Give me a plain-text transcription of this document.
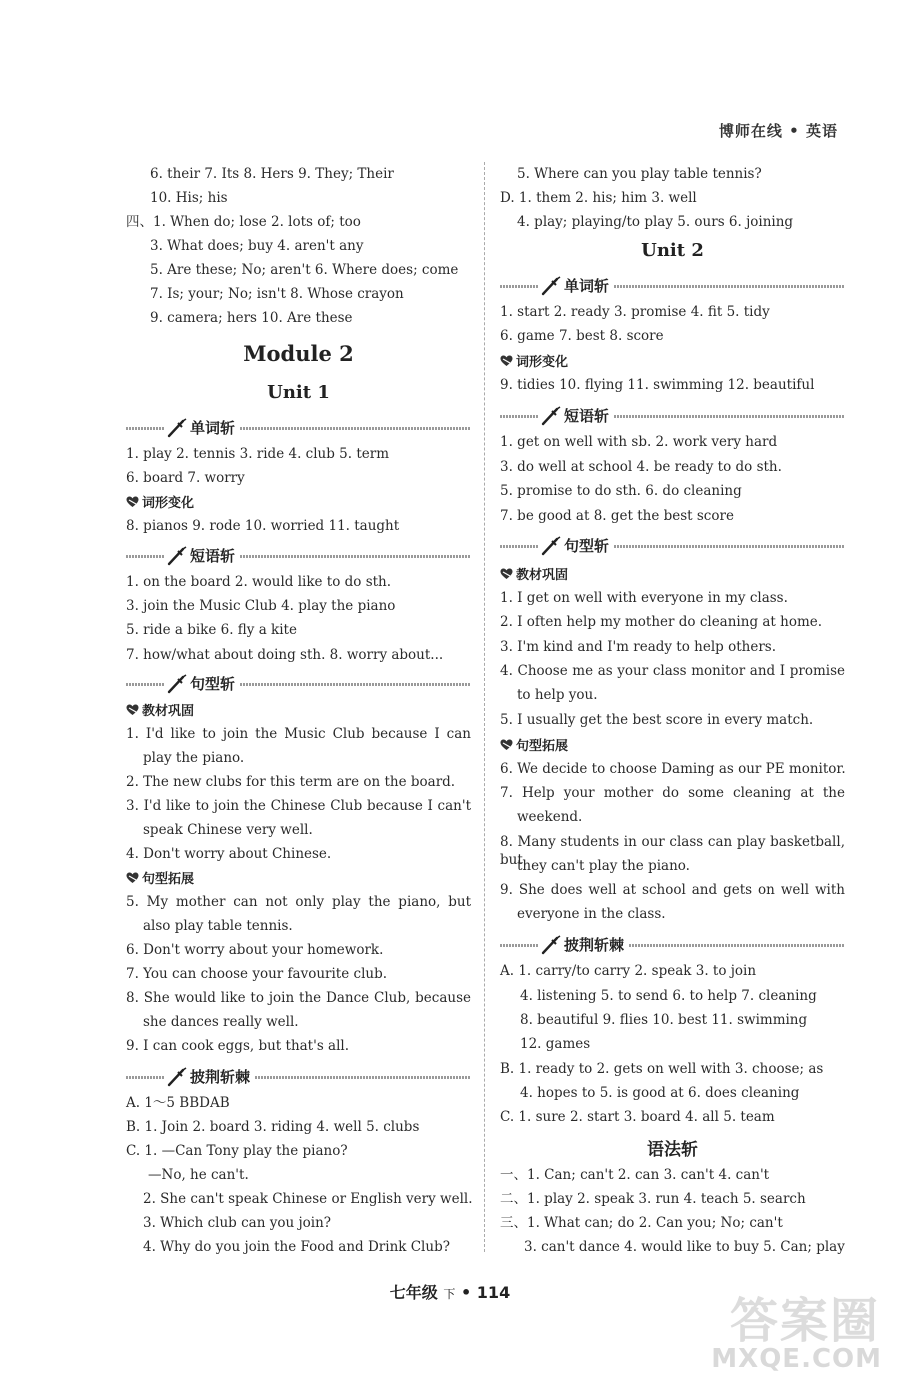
博师在线 • 英语
6. their 7. Its 8. Hers 9. They; Their
10. His; his
四、1. When do; lose 2. lots of; too
3. What does; buy 4. aren't any
5. Are these; No; aren't 6. Where does; come
7. Is; your; No; isn't 8. Whose crayon
9. camera; hers 10. Are these
Module 2
Unit 1
单词斩
1. play 2. tennis 3. ride 4. club 5. term
6. board 7. worry
词形变化
8. pianos 9. rode 10. worried 11. taught
短语斩
1. on the board 2. would like to do sth.
3. join the Music Club 4. play the piano
5. ride a bike 6. fly a kite
7. how/what about doing sth. 8. worry about...
句型斩
教材巩固
1. I'd like to join the Music Club because I can
play the piano.
2. The new clubs for this term are on the board.
3. I'd like to join the Chinese Club because I can't
speak Chinese very well.
4. Don't worry about Chinese.
句型拓展
5. My mother can not only play the piano, but
also play table tennis.
6. Don't worry about your homework.
7. You can choose your favourite club.
8. She would like to join the Dance Club, because
she dances really well.
9. I can cook eggs, but that's all.
披荆斩棘
A. 1～5 BBDAB
B. 1. Join 2. board 3. riding 4. well 5. clubs
C. 1. —Can Tony play the piano?
—No, he can't.
2. She can't speak Chinese or English very well.
3. Which club can you join?
4. Why do you join the Food and Drink Club?
5. Where can you play table tennis?
D. 1. them 2. his; him 3. well
4. play; playing/to play 5. ours 6. joining
Unit 2
单词斩
1. start 2. ready 3. promise 4. fit 5. tidy
6. game 7. best 8. score
词形变化
9. tidies 10. flying 11. swimming 12. beautiful
短语斩
1. get on well with sb. 2. work very hard
3. do well at school 4. be ready to do sth.
5. promise to do sth. 6. do cleaning
7. be good at 8. get the best score
句型斩
教材巩固
1. I get on well with everyone in my class.
2. I often help my mother do cleaning at home.
3. I'm kind and I'm ready to help others.
4. Choose me as your class monitor and I promise
to help you.
5. I usually get the best score in every match.
句型拓展
6. We decide to choose Daming as our PE monitor.
7. Help your mother do some cleaning at the
weekend.
8. Many students in our class can play basketball, but
they can't play the piano.
9. She does well at school and gets on well with
everyone in the class.
披荆斩棘
A. 1. carry/to carry 2. speak 3. to join
4. listening 5. to send 6. to help 7. cleaning
8. beautiful 9. flies 10. best 11. swimming
12. games
B. 1. ready to 2. gets on well with 3. choose; as
4. hopes to 5. is good at 6. does cleaning
C. 1. sure 2. start 3. board 4. all 5. team
语法斩
一、1. Can; can't 2. can 3. can't 4. can't
二、1. play 2. speak 3. run 4. teach 5. search
三、1. What can; do 2. Can you; No; can't
3. can't dance 4. would like to buy 5. Can; play
七年级 下 • 114
答案圈
MXQE.COM
